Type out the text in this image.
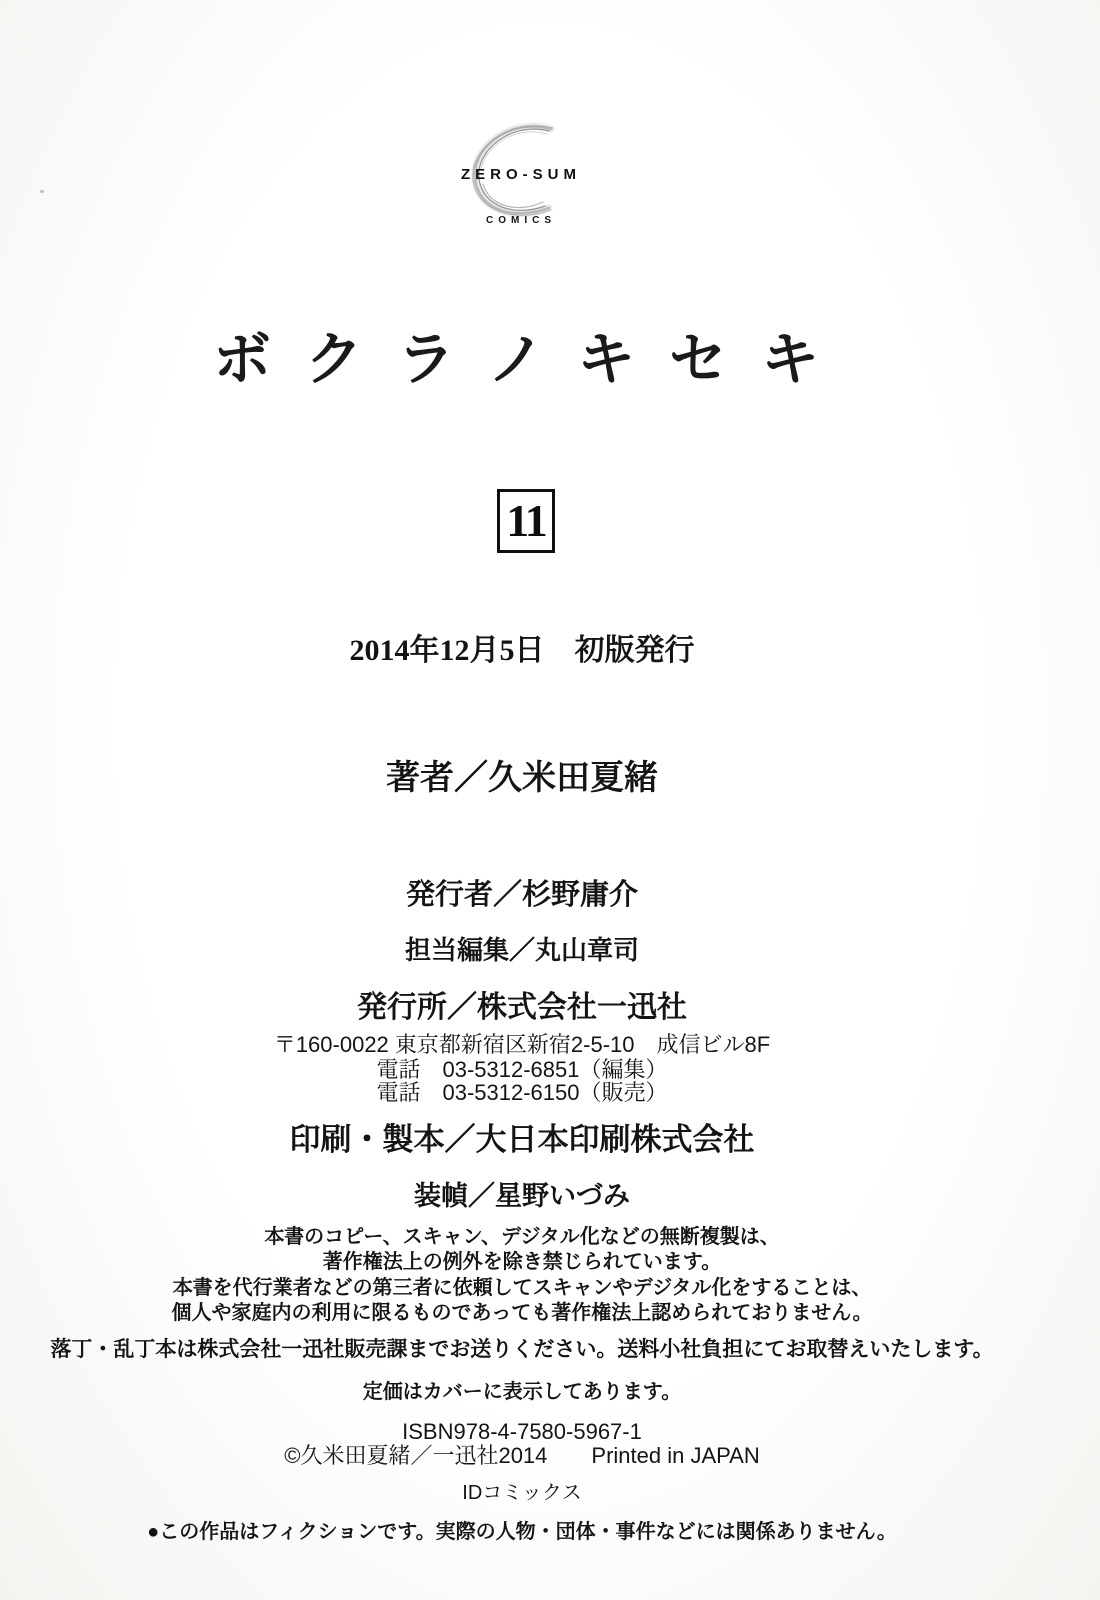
ZERO-SUM
COMICS
ボクラノキセキ

11

2014年12月5日　初版発行
著者／久米田夏緒
発行者／杉野庸介
担当編集／丸山章司
発行所／株式会社一迅社
〒160-0022 東京都新宿区新宿2-5-10　成信ビル8F
電話　03-5312-6851（編集）
電話　03-5312-6150（販売）
印刷・製本／大日本印刷株式会社
装幀／星野いづみ
本書のコピー、スキャン、デジタル化などの無断複製は、
著作権法上の例外を除き禁じられています。
本書を代行業者などの第三者に依頼してスキャンやデジタル化をすることは、
個人や家庭内の利用に限るものであっても著作権法上認められておりません。
落丁・乱丁本は株式会社一迅社販売課までお送りください。送料小社負担にてお取替えいたします。
定価はカバーに表示してあります。
ISBN978-4-7580-5967-1
©久米田夏緒／一迅社2014　　Printed in JAPAN
IDコミックス
●この作品はフィクションです。実際の人物・団体・事件などには関係ありません。
